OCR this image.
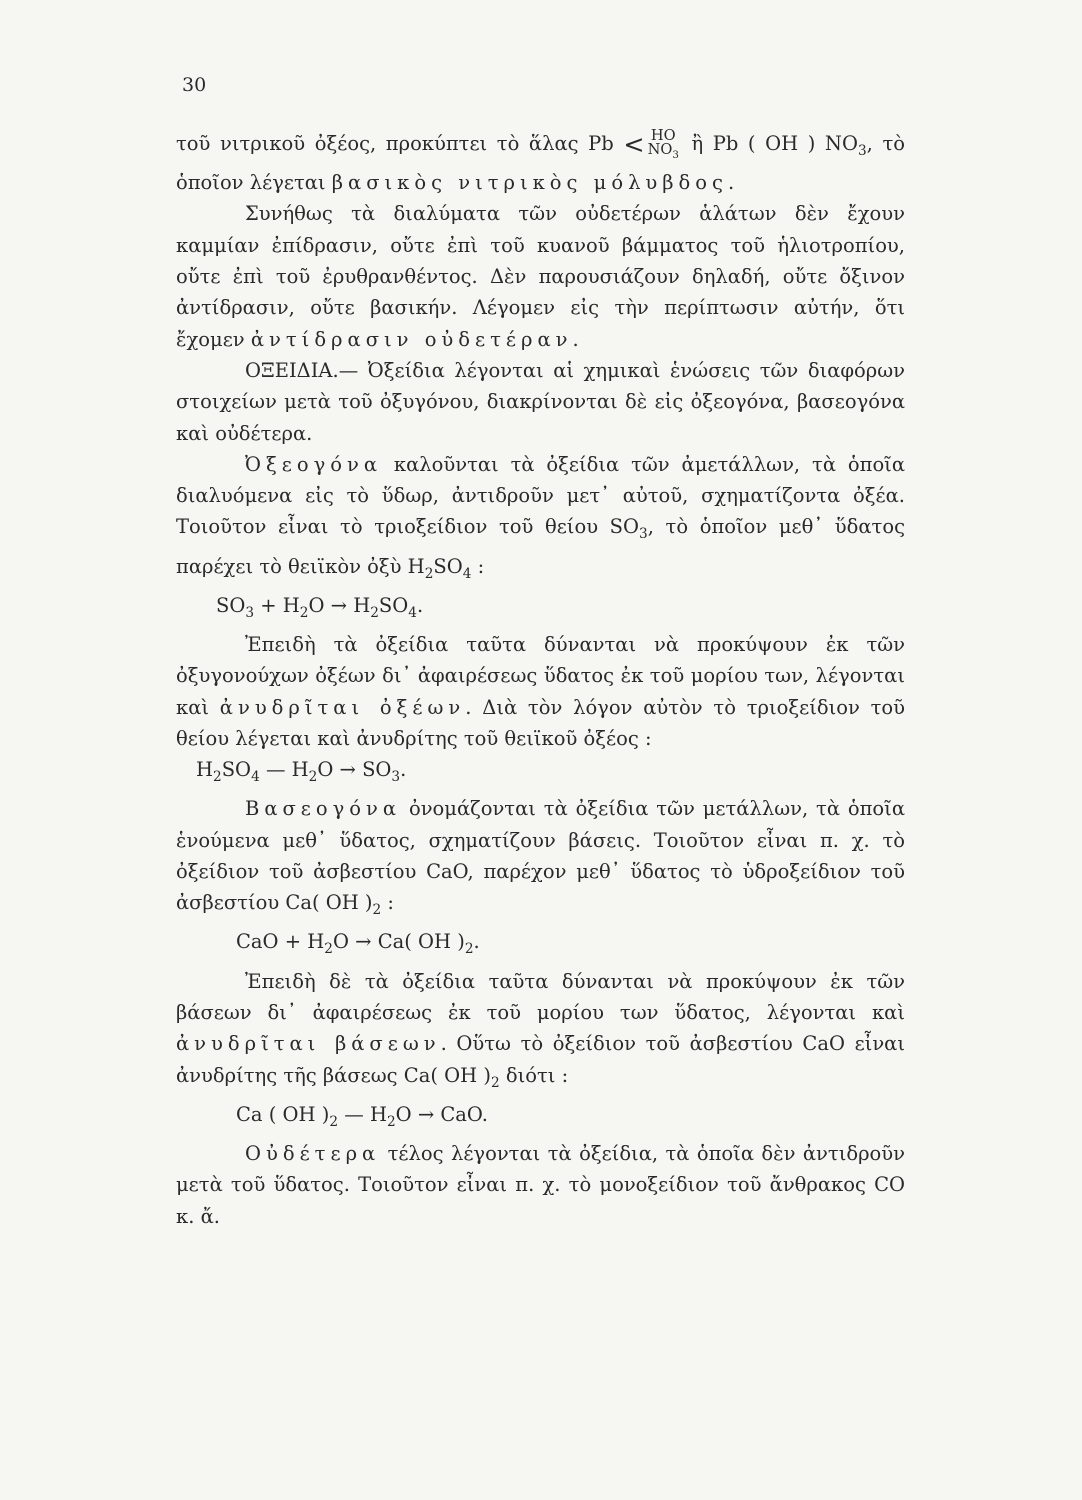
30

τοῦ νιτρικοῦ ὀξέος, προκύπτει τὸ ἅλας Pb < HO
$NO_3$
ἢ Pb ( OH ) $NO_3$, τὸ ὁποῖον λέγεται βασικὸς νιτρικὸς μόλυβδος.

Συνήθως τὰ διαλύματα τῶν οὐδετέρων ἁλάτων δὲν ἔχουν καμμίαν ἐπίδρασιν, οὔτε ἐπὶ τοῦ κυανοῦ βάμματος τοῦ ἡλιοτροπίου, οὔτε ἐπὶ τοῦ ἐρυθρανθέντος. Δὲν παρουσιάζουν δηλαδή, οὔτε ὄξινον ἀντίδρασιν, οὔτε βασικήν. Λέγομεν εἰς τὴν περίπτωσιν αὐτήν, ὅτι ἔχομεν ἀντίδρασιν οὐδετέραν.

ΟΞΕΙΔΙΑ.— Ὀξείδια λέγονται αἱ χημικαὶ ἑνώσεις τῶν διαφόρων στοιχείων μετὰ τοῦ ὀξυγόνου, διακρίνονται δὲ εἰς ὀξεογόνα, βασεογόνα καὶ οὐδέτερα.

Ὀξεογόνα καλοῦνται τὰ ὀξείδια τῶν ἀμετάλλων, τὰ ὁποῖα διαλυόμενα εἰς τὸ ὕδωρ, ἀντιδροῦν μετ᾽ αὐτοῦ, σχηματίζοντα ὀξέα. Τοιοῦτον εἶναι τὸ τριοξείδιον τοῦ θείου $SO_3$, τὸ ὁποῖον μεθ᾽ ὕδατος παρέχει τὸ θειϊκὸν ὀξὺ $H_2SO_4$ :

$SO_3 + H_2O \to H_2SO_4$.

Ἐπειδὴ τὰ ὀξείδια ταῦτα δύνανται νὰ προκύψουν ἐκ τῶν ὀξυγονούχων ὀξέων δι᾽ ἀφαιρέσεως ὕδατος ἐκ τοῦ μορίου των, λέγονται καὶ ἀνυδρῖται ὀξέων. Διὰ τὸν λόγον αὐτὸν τὸ τριοξείδιον τοῦ θείου λέγεται καὶ ἀνυδρίτης τοῦ θειϊκοῦ ὀξέος :

$H_2SO_4$ — $H_2O \to SO_3$.

Βασεογόνα ὀνομάζονται τὰ ὀξείδια τῶν μετάλλων, τὰ ὁποῖα ἑνούμενα μεθ᾽ ὕδατος, σχηματίζουν βάσεις. Τοιοῦτον εἶναι π. χ. τὸ ὀξείδιον τοῦ ἀσβεστίου CaO, παρέχον μεθ᾽ ὕδατος τὸ ὑδροξείδιον τοῦ ἀσβεστίου Ca( OH )$_2$ :

CaO + $H_2O \to Ca$( OH )$_2$.

Ἐπειδὴ δὲ τὰ ὀξείδια ταῦτα δύνανται νὰ προκύψουν ἐκ τῶν βάσεων δι᾽ ἀφαιρέσεως ἐκ τοῦ μορίου των ὕδατος, λέγονται καὶ ἀνυδρῖται βάσεων. Οὕτω τὸ ὀξείδιον τοῦ ἀσβεστίου CaO εἶναι ἀνυδρίτης τῆς βάσεως Ca( OH )$_2$ διότι :

Ca ( OH )$_2$ — $H_2O$ → CaO.

Οὐδέτερα τέλος λέγονται τὰ ὀξείδια, τὰ ὁποῖα δὲν ἀντιδροῦν μετὰ τοῦ ὕδατος. Τοιοῦτον εἶναι π. χ. τὸ μονοξείδιον τοῦ ἄνθρακος CO κ. ἄ.
